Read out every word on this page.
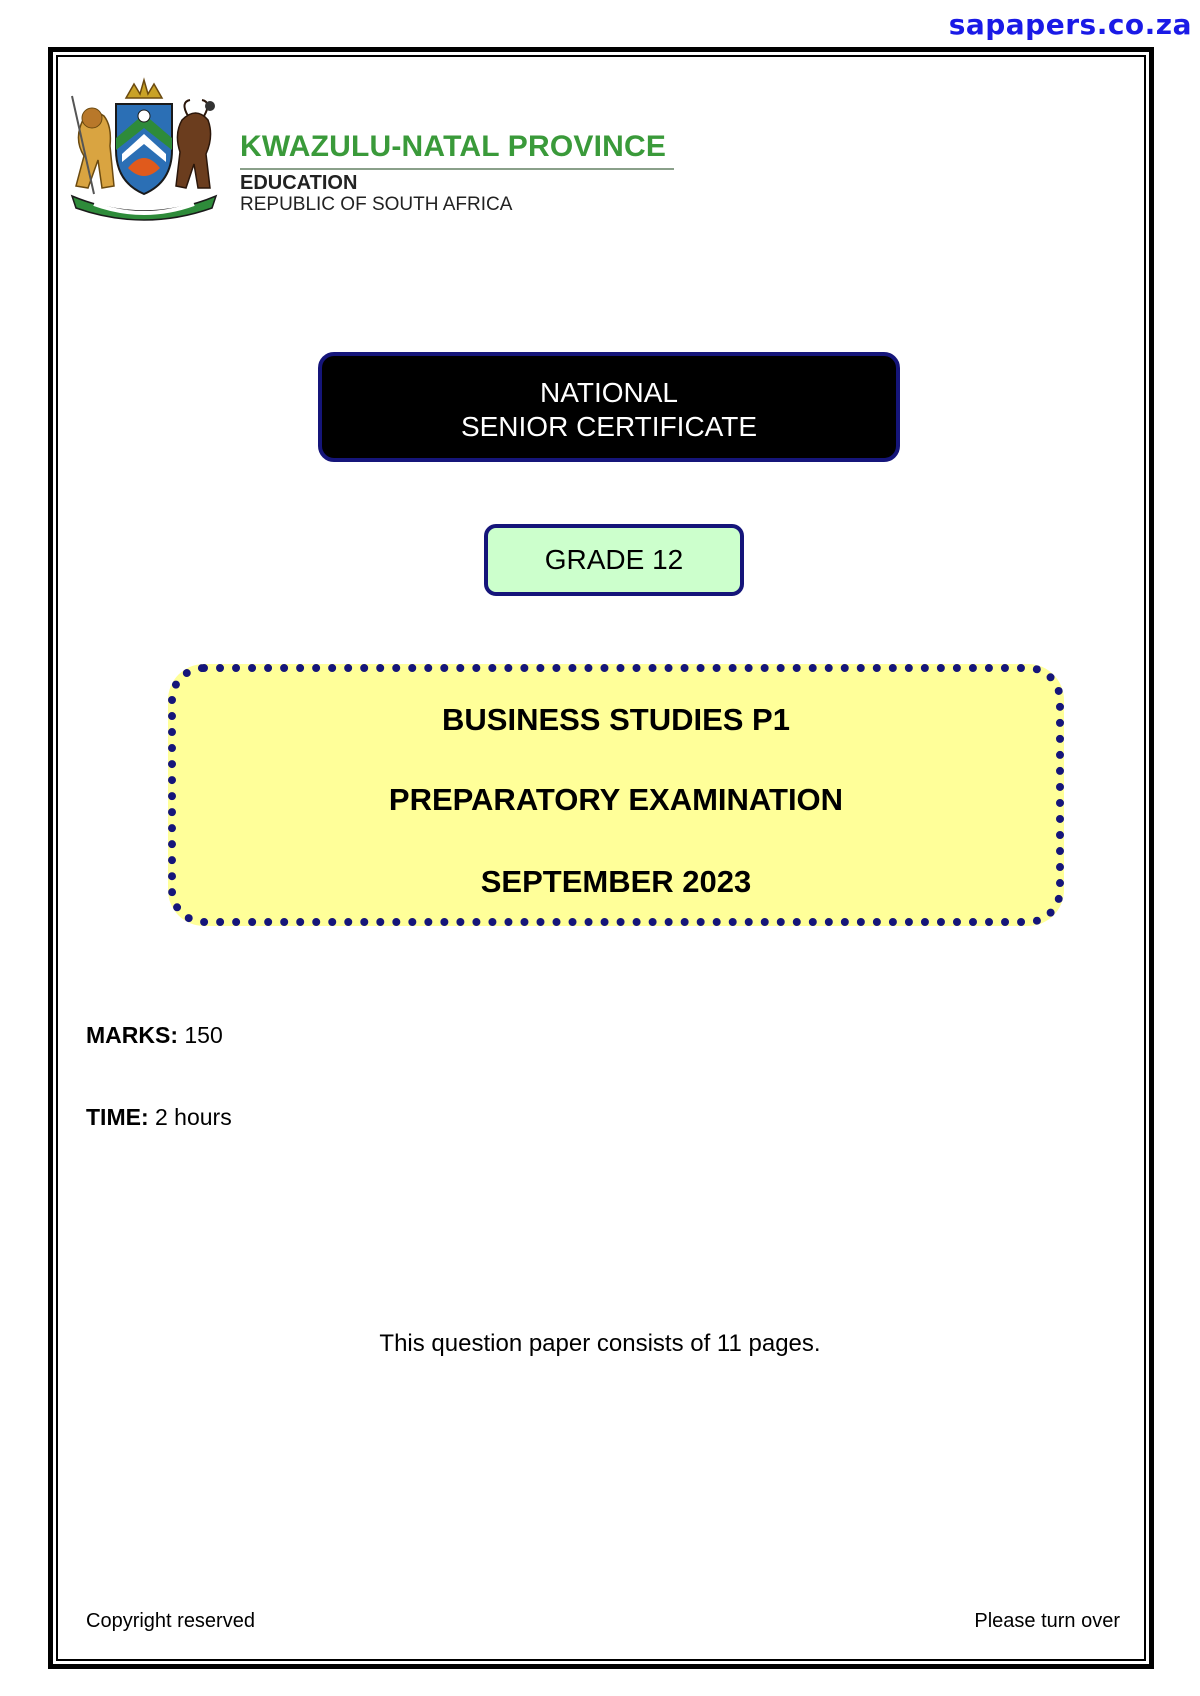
sapapers.co.za
KWAZULU-NATAL PROVINCE
EDUCATION
REPUBLIC OF SOUTH AFRICA
NATIONAL
SENIOR CERTIFICATE
GRADE 12
BUSINESS STUDIES P1
PREPARATORY EXAMINATION
SEPTEMBER 2023
MARKS: 150
TIME: 2 hours
This question paper consists of 11 pages.
Copyright reserved	Please turn over
